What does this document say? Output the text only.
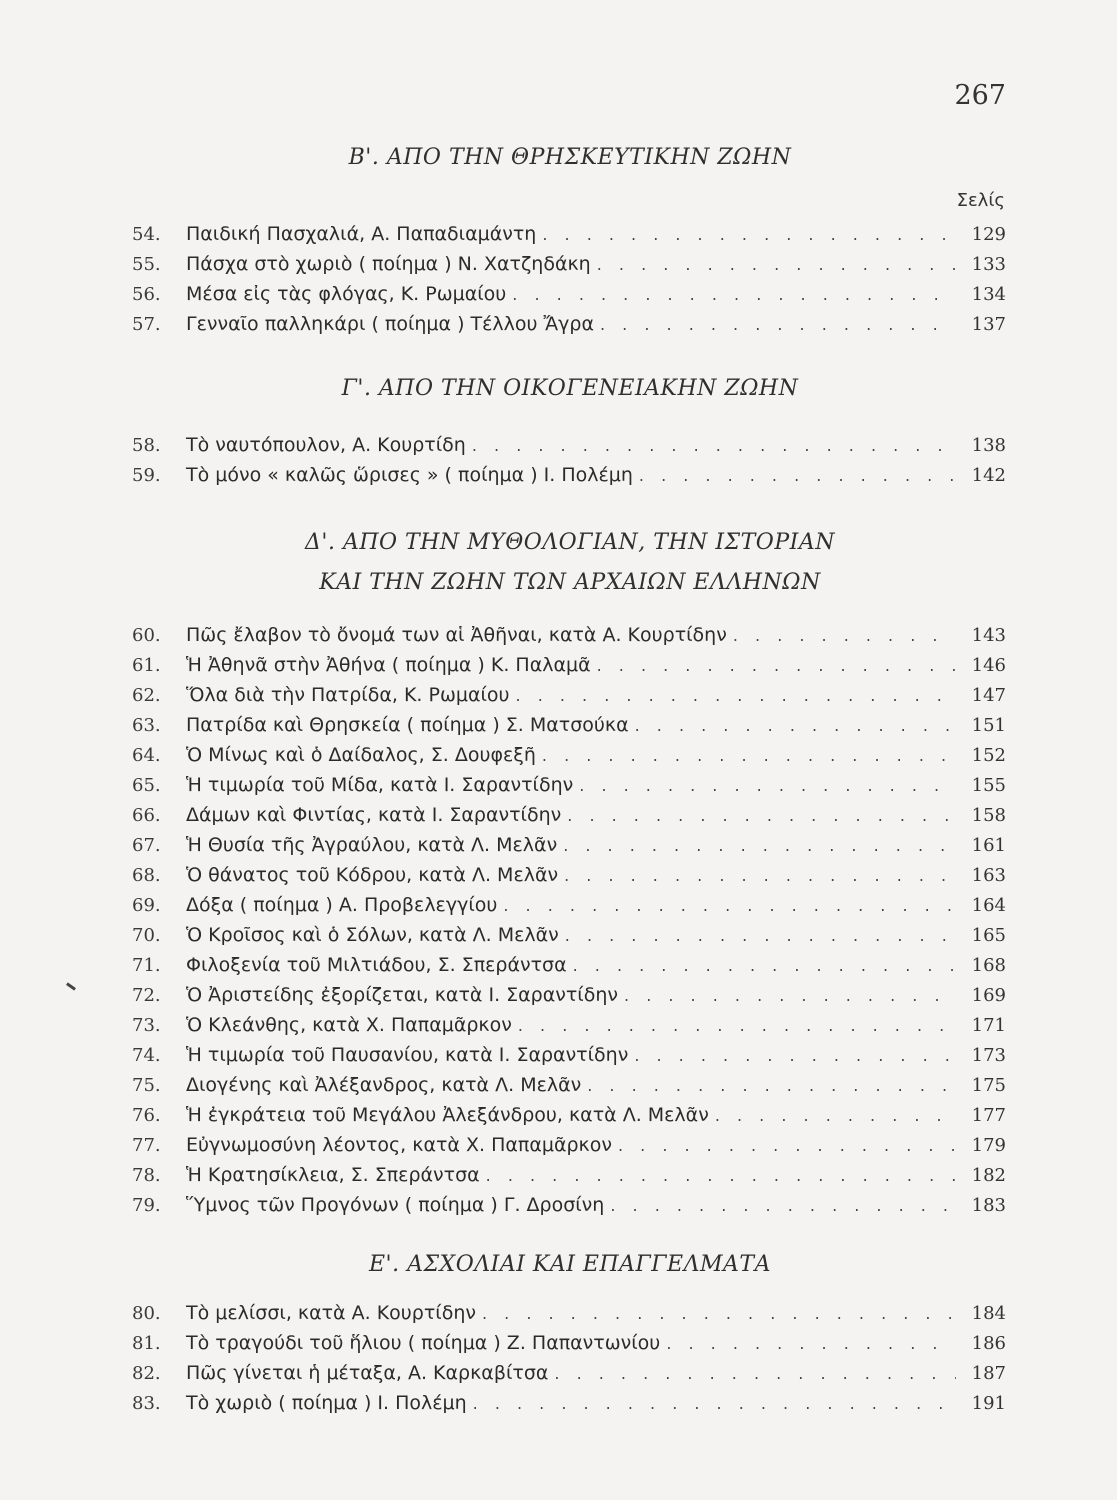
267
Β'. ΑΠΟ ΤΗΝ ΘΡΗΣΚΕΥΤΙΚΗΝ ΖΩΗΝ
Σελίς
54.	Παιδική Πασχαλιά, Α. Παπαδιαμάντη . . .	129
55.	Πάσχα στὸ χωριὸ ( ποίημα ) Ν. Χατζηδάκη . . .	133
56.	Μέσα εἰς τὰς φλόγας, Κ. Ρωμαίου . . .	134
57.	Γενναῖο παλληκάρι ( ποίημα ) Τέλλου Ἄγρα . . .	137
Γ'. ΑΠΟ ΤΗΝ ΟΙΚΟΓΕΝΕΙΑΚΗΝ ΖΩΗΝ
58.	Τὸ ναυτόπουλον, Α. Κουρτίδη . . .	138
59.	Τὸ μόνο « καλῶς ὥρισες » ( ποίημα ) Ι. Πολέμη . . .	142
Δ'. ΑΠΟ ΤΗΝ ΜΥΘΟΛΟΓΙΑΝ, ΤΗΝ ΙΣΤΟΡΙΑΝ
ΚΑΙ ΤΗΝ ΖΩΗΝ ΤΩΝ ΑΡΧΑΙΩΝ ΕΛΛΗΝΩΝ
60.	Πῶς ἔλαβον τὸ ὄνομά των αἱ Ἀθῆναι, κατὰ Α. Κουρτίδην . . .	143
61.	Ἡ Ἀθηνᾶ στὴν Ἀθήνα ( ποίημα ) Κ. Παλαμᾶ . . .	146
62.	Ὅλα διὰ τὴν Πατρίδα, Κ. Ρωμαίου . . .	147
63.	Πατρίδα καὶ Θρησκεία ( ποίημα ) Σ. Ματσούκα . . .	151
64.	Ὁ Μίνως καὶ ὁ Δαίδαλος, Σ. Δουφεξῆ . . .	152
65.	Ἡ τιμωρία τοῦ Μίδα, κατὰ Ι. Σαραντίδην . . .	155
66.	Δάμων καὶ Φιντίας, κατὰ Ι. Σαραντίδην . . .	158
67.	Ἡ Θυσία τῆς Ἀγραύλου, κατὰ Λ. Μελᾶν . . .	161
68.	Ὁ θάνατος τοῦ Κόδρου, κατὰ Λ. Μελᾶν . . .	163
69.	Δόξα ( ποίημα ) Α. Προβελεγγίου . . .	164
70.	Ὁ Κροῖσος καὶ ὁ Σόλων, κατὰ Λ. Μελᾶν . . .	165
71.	Φιλοξενία τοῦ Μιλτιάδου, Σ. Σπεράντσα . . .	168
72.	Ὁ Ἀριστείδης ἐξορίζεται, κατὰ Ι. Σαραντίδην . . .	169
73.	Ὁ Κλεάνθης, κατὰ Χ. Παπαμᾶρκον . . .	171
74.	Ἡ τιμωρία τοῦ Παυσανίου, κατὰ Ι. Σαραντίδην . . .	173
75.	Διογένης καὶ Ἀλέξανδρος, κατὰ Λ. Μελᾶν . . .	175
76.	Ἡ ἐγκράτεια τοῦ Μεγάλου Ἀλεξάνδρου, κατὰ Λ. Μελᾶν . . .	177
77.	Εὐγνωμοσύνη λέοντος, κατὰ Χ. Παπαμᾶρκον . . .	179
78.	Ἡ Κρατησίκλεια, Σ. Σπεράντσα . . .	182
79.	Ὕμνος τῶν Προγόνων ( ποίημα ) Γ. Δροσίνη . . .	183
Ε'. ΑΣΧΟΛΙΑΙ ΚΑΙ ΕΠΑΓΓΕΛΜΑΤΑ
80.	Τὸ μελίσσι, κατὰ Α. Κουρτίδην . . .	184
81.	Τὸ τραγούδι τοῦ ἥλιου ( ποίημα ) Ζ. Παπαντωνίου . . .	186
82.	Πῶς γίνεται ἡ μέταξα, Α. Καρκαβίτσα . . .	187
83.	Τὸ χωριὸ ( ποίημα ) Ι. Πολέμη . . .	191
